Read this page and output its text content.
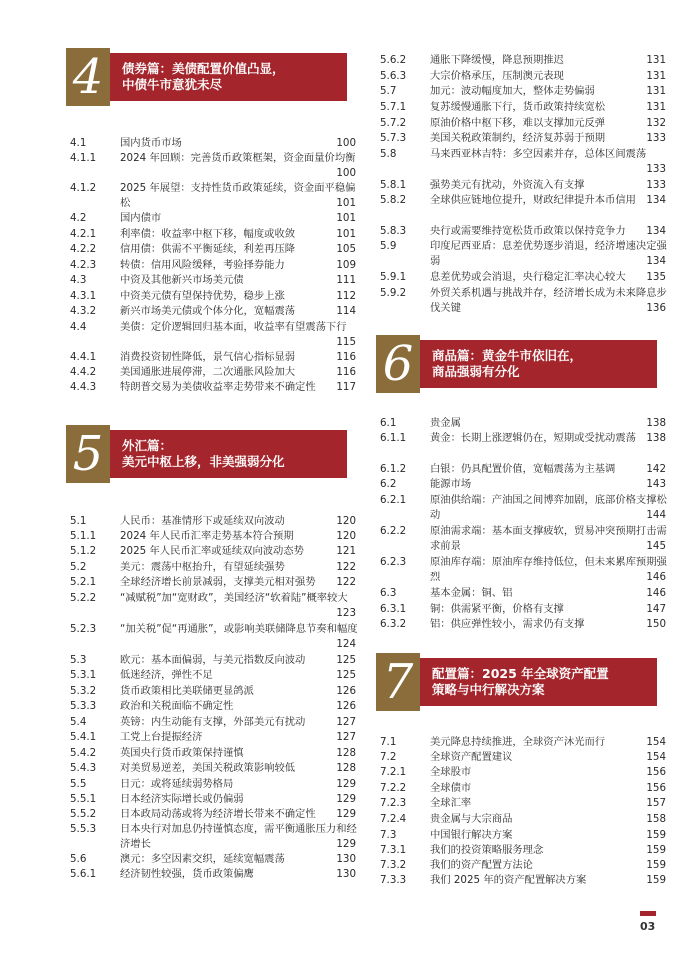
4	债券篇：美债配置价值凸显，
中债牛市意犹未尽
4.1	国内货币市场	100
4.1.1	2024 年回顾：完善货币政策框架，资金面量价均衡
100
4.1.2	2025 年展望：支持性货币政策延续，资金面平稳偏松	101
4.2	国内债市	101
4.2.1	利率债：收益率中枢下移，幅度或收敛	101
4.2.2	信用债：供需不平衡延续，利差再压降	105
4.2.3	转债：信用风险缓释，考验择券能力	109
4.3	中资及其他新兴市场美元债	111
4.3.1	中资美元债有望保持优势，稳步上涨	112
4.3.2	新兴市场美元债或个体分化，宽幅震荡	114
4.4	美债：定价逻辑回归基本面，收益率有望震荡下行
115
4.4.1	消费投资韧性降低，景气信心指标显弱	116
4.4.2	美国通胀进展停滞，二次通胀风险加大	116
4.4.3	特朗普交易为美债收益率走势带来不确定性	117
5	外汇篇：
美元中枢上移，非美强弱分化
5.1	人民币：基准情形下或延续双向波动	120
5.1.1	2024 年人民币汇率走势基本符合预期	120
5.1.2	2025 年人民币汇率或延续双向波动态势	121
5.2	美元：震荡中枢抬升，有望延续强势	122
5.2.1	全球经济增长前景减弱，支撑美元相对强势	122
5.2.2	“减赋税”加“宽财政”，美国经济“软着陆”概率较大
123
5.2.3	“加关税”促“再通胀”，或影响美联储降息节奏和幅度
124
5.3	欧元：基本面偏弱，与美元指数反向波动	125
5.3.1	低迷经济，弹性不足	125
5.3.2	货币政策相比美联储更显鸽派	126
5.3.3	政治和关税面临不确定性	126
5.4	英镑：内生动能有支撑，外部美元有扰动	127
5.4.1	工党上台提振经济	127
5.4.2	英国央行货币政策保持谨慎	128
5.4.3	对美贸易逆差，美国关税政策影响较低	128
5.5	日元：或将延续弱势格局	129
5.5.1	日本经济实际增长或仍偏弱	129
5.5.2	日本政局动荡或将为经济增长带来不确定性	129
5.5.3	日本央行对加息仍持谨慎态度，需平衡通胀压力和经济增长	129
5.6	澳元：多空因素交织，延续宽幅震荡	130
5.6.1	经济韧性较强，货币政策偏鹰	130
5.6.2	通胀下降缓慢，降息预期推迟	131
5.6.3	大宗价格承压，压制澳元表现	131
5.7	加元：波动幅度加大，整体走势偏弱	131
5.7.1	复苏缓慢通胀下行，货币政策持续宽松	131
5.7.2	原油价格中枢下移，难以支撑加元反弹	132
5.7.3	美国关税政策制约，经济复苏弱于预期	133
5.8	马来西亚林吉特：多空因素并存，总体区间震荡
133
5.8.1	强势美元有扰动，外资流入有支撑	133
5.8.2	全球供应链地位提升，财政纪律提升本币信用 134
5.8.3	央行或需要维持宽松货币政策以保持竞争力	134
5.9	印度尼西亚盾：息差优势逐步消退，经济增速决定强弱	134
5.9.1	息差优势或会消退，央行稳定汇率决心较大	135
5.9.2	外贸关系机遇与挑战并存，经济增长成为未来降息步伐关键	136
6	商品篇：黄金牛市依旧在，
商品强弱有分化
6.1	贵金属	138
6.1.1	黄金：长期上涨逻辑仍在，短期或受扰动震荡 138
6.1.2	白银：仍具配置价值，宽幅震荡为主基调	142
6.2	能源市场	143
6.2.1	原油供给端：产油国之间博弈加剧，底部价格支撑松动	144
6.2.2	原油需求端：基本面支撑疲软，贸易冲突预期打击需求前景	145
6.2.3	原油库存端：原油库存维持低位，但未来累库预期强烈	146
6.3	基本金属：铜、铝	146
6.3.1	铜：供需紧平衡，价格有支撑	147
6.3.2	铝：供应弹性较小，需求仍有支撑	150
7	配置篇：2025 年全球资产配置
策略与中行解决方案
7.1	美元降息持续推进，全球资产沐光而行	154
7.2	全球资产配置建议	154
7.2.1	全球股市	156
7.2.2	全球债市	156
7.2.3	全球汇率	157
7.2.4	贵金属与大宗商品	158
7.3	中国银行解决方案	159
7.3.1	我们的投资策略服务理念	159
7.3.2	我们的资产配置方法论	159
7.3.3	我们 2025 年的资产配置解决方案	159
03
